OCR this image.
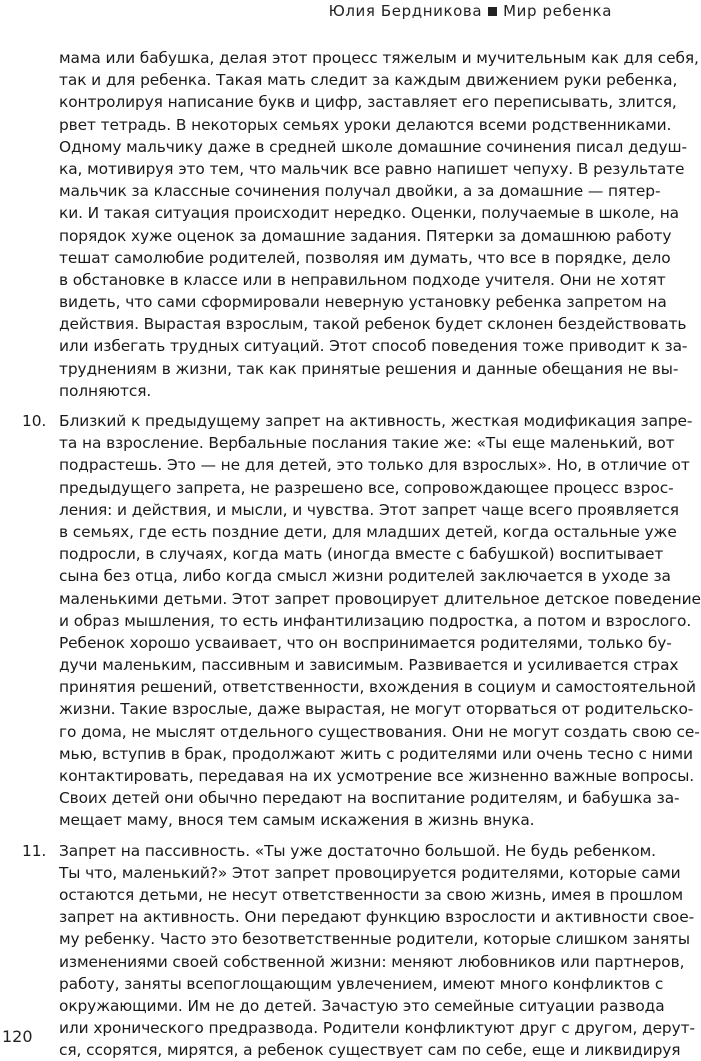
Юлия Бердникова Мир ребенка
мама или бабушка, делая этот процесс тяжелым и мучительным как для себя,
так и для ребенка. Такая мать следит за каждым движением руки ребенка,
контролируя написание букв и цифр, заставляет его переписывать, злится,
рвет тетрадь. В некоторых семьях уроки делаются всеми родственниками.
Одному мальчику даже в средней школе домашние сочинения писал дедуш-
ка, мотивируя это тем, что мальчик все равно напишет чепуху. В результате
мальчик за классные сочинения получал двойки, а за домашние — пятер-
ки. И такая ситуация происходит нередко. Оценки, получаемые в школе, на
порядок хуже оценок за домашние задания. Пятерки за домашнюю работу
тешат самолюбие родителей, позволяя им думать, что все в порядке, дело
в обстановке в классе или в неправильном подходе учителя. Они не хотят
видеть, что сами сформировали неверную установку ребенка запретом на
действия. Вырастая взрослым, такой ребенок будет склонен бездействовать
или избегать трудных ситуаций. Этот способ поведения тоже приводит к за-
труднениям в жизни, так как принятые решения и данные обещания не вы-
полняются.
10. Близкий к предыдущему запрет на активность, жесткая модификация запре-
та на взросление. Вербальные послания такие же: «Ты еще маленький, вот
подрастешь. Это — не для детей, это только для взрослых». Но, в отличие от
предыдущего запрета, не разрешено все, сопровождающее процесс взрос-
ления: и действия, и мысли, и чувства. Этот запрет чаще всего проявляется
в семьях, где есть поздние дети, для младших детей, когда остальные уже
подросли, в случаях, когда мать (иногда вместе с бабушкой) воспитывает
сына без отца, либо когда смысл жизни родителей заключается в уходе за
маленькими детьми. Этот запрет провоцирует длительное детское поведение
и образ мышления, то есть инфантилизацию подростка, а потом и взрослого.
Ребенок хорошо усваивает, что он воспринимается родителями, только бу-
дучи маленьким, пассивным и зависимым. Развивается и усиливается страх
принятия решений, ответственности, вхождения в социум и самостоятельной
жизни. Такие взрослые, даже вырастая, не могут оторваться от родительско-
го дома, не мыслят отдельного существования. Они не могут создать свою се-
мью, вступив в брак, продолжают жить с родителями или очень тесно с ними
контактировать, передавая на их усмотрение все жизненно важные вопросы.
Своих детей они обычно передают на воспитание родителям, и бабушка за-
мещает маму, внося тем самым искажения в жизнь внука.
11. Запрет на пассивность. «Ты уже достаточно большой. Не будь ребенком.
Ты что, маленький?» Этот запрет провоцируется родителями, которые сами
остаются детьми, не несут ответственности за свою жизнь, имея в прошлом
запрет на активность. Они передают функцию взрослости и активности свое-
му ребенку. Часто это безответственные родители, которые слишком заняты
изменениями своей собственной жизни: меняют любовников или партнеров,
работу, заняты всепоглощающим увлечением, имеют много конфликтов с
окружающими. Им не до детей. Зачастую это семейные ситуации развода
или хронического предразвода. Родители конфликтуют друг с другом, дерут-
ся, ссорятся, мирятся, а ребенок существует сам по себе, еще и ликвидируя
120
